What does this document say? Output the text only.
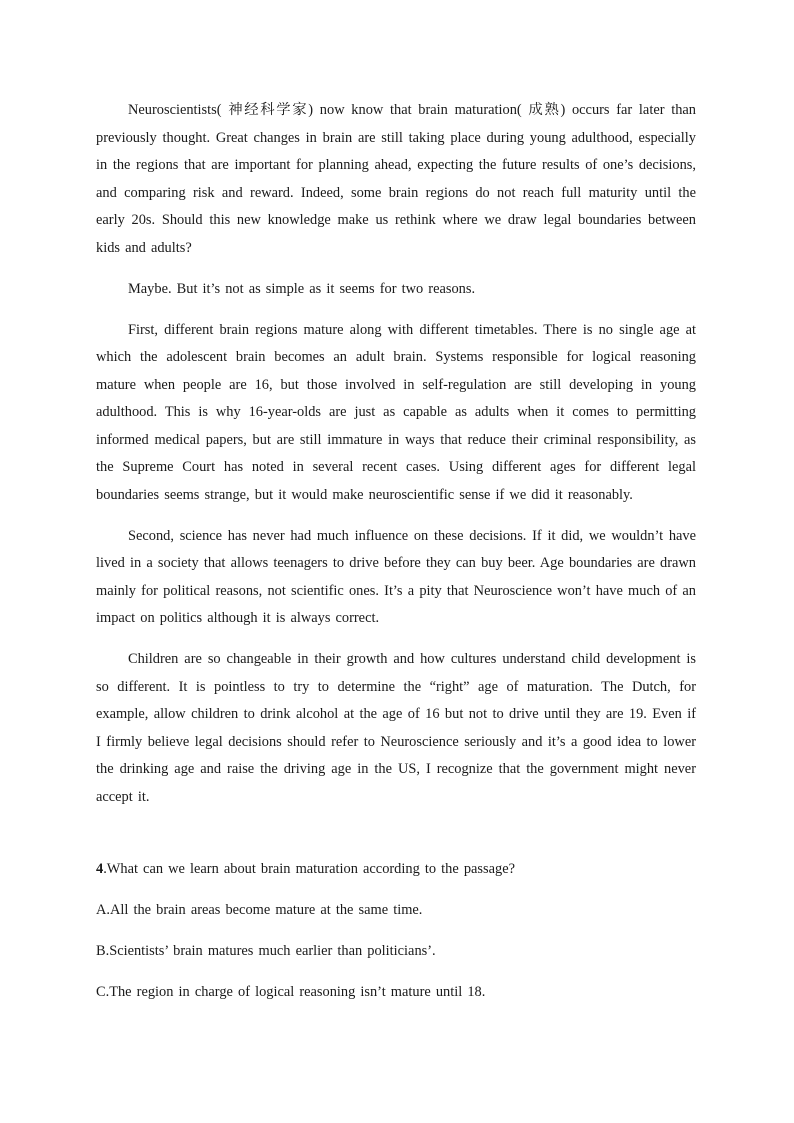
Neuroscientists( 神经科学家) now know that brain maturation( 成熟) occurs far later than previously thought. Great changes in brain are still taking place during young adulthood, especially in the regions that are important for planning ahead, expecting the future results of one’s decisions, and comparing risk and reward. Indeed, some brain regions do not reach full maturity until the early 20s. Should this new knowledge make us rethink where we draw legal boundaries between kids and adults?

Maybe. But it’s not as simple as it seems for two reasons.

First, different brain regions mature along with different timetables. There is no single age at which the adolescent brain becomes an adult brain. Systems responsible for logical reasoning mature when people are 16, but those involved in self-regulation are still developing in young adulthood. This is why 16-year-olds are just as capable as adults when it comes to permitting informed medical papers, but are still immature in ways that reduce their criminal responsibility, as the Supreme Court has noted in several recent cases. Using different ages for different legal boundaries seems strange, but it would make neuroscientific sense if we did it reasonably.

Second, science has never had much influence on these decisions. If it did, we wouldn’t have lived in a society that allows teenagers to drive before they can buy beer. Age boundaries are drawn mainly for political reasons, not scientific ones. It’s a pity that Neuroscience won’t have much of an impact on politics although it is always correct.

Children are so changeable in their growth and how cultures understand child development is so different. It is pointless to try to determine the “right” age of maturation. The Dutch, for example, allow children to drink alcohol at the age of 16 but not to drive until they are 19. Even if I firmly believe legal decisions should refer to Neuroscience seriously and it’s a good idea to lower the drinking age and raise the driving age in the US, I recognize that the government might never accept it.

4.What can we learn about brain maturation according to the passage?

A.All the brain areas become mature at the same time.

B.Scientists’ brain matures much earlier than politicians’.

C.The region in charge of logical reasoning isn’t mature until 18.
